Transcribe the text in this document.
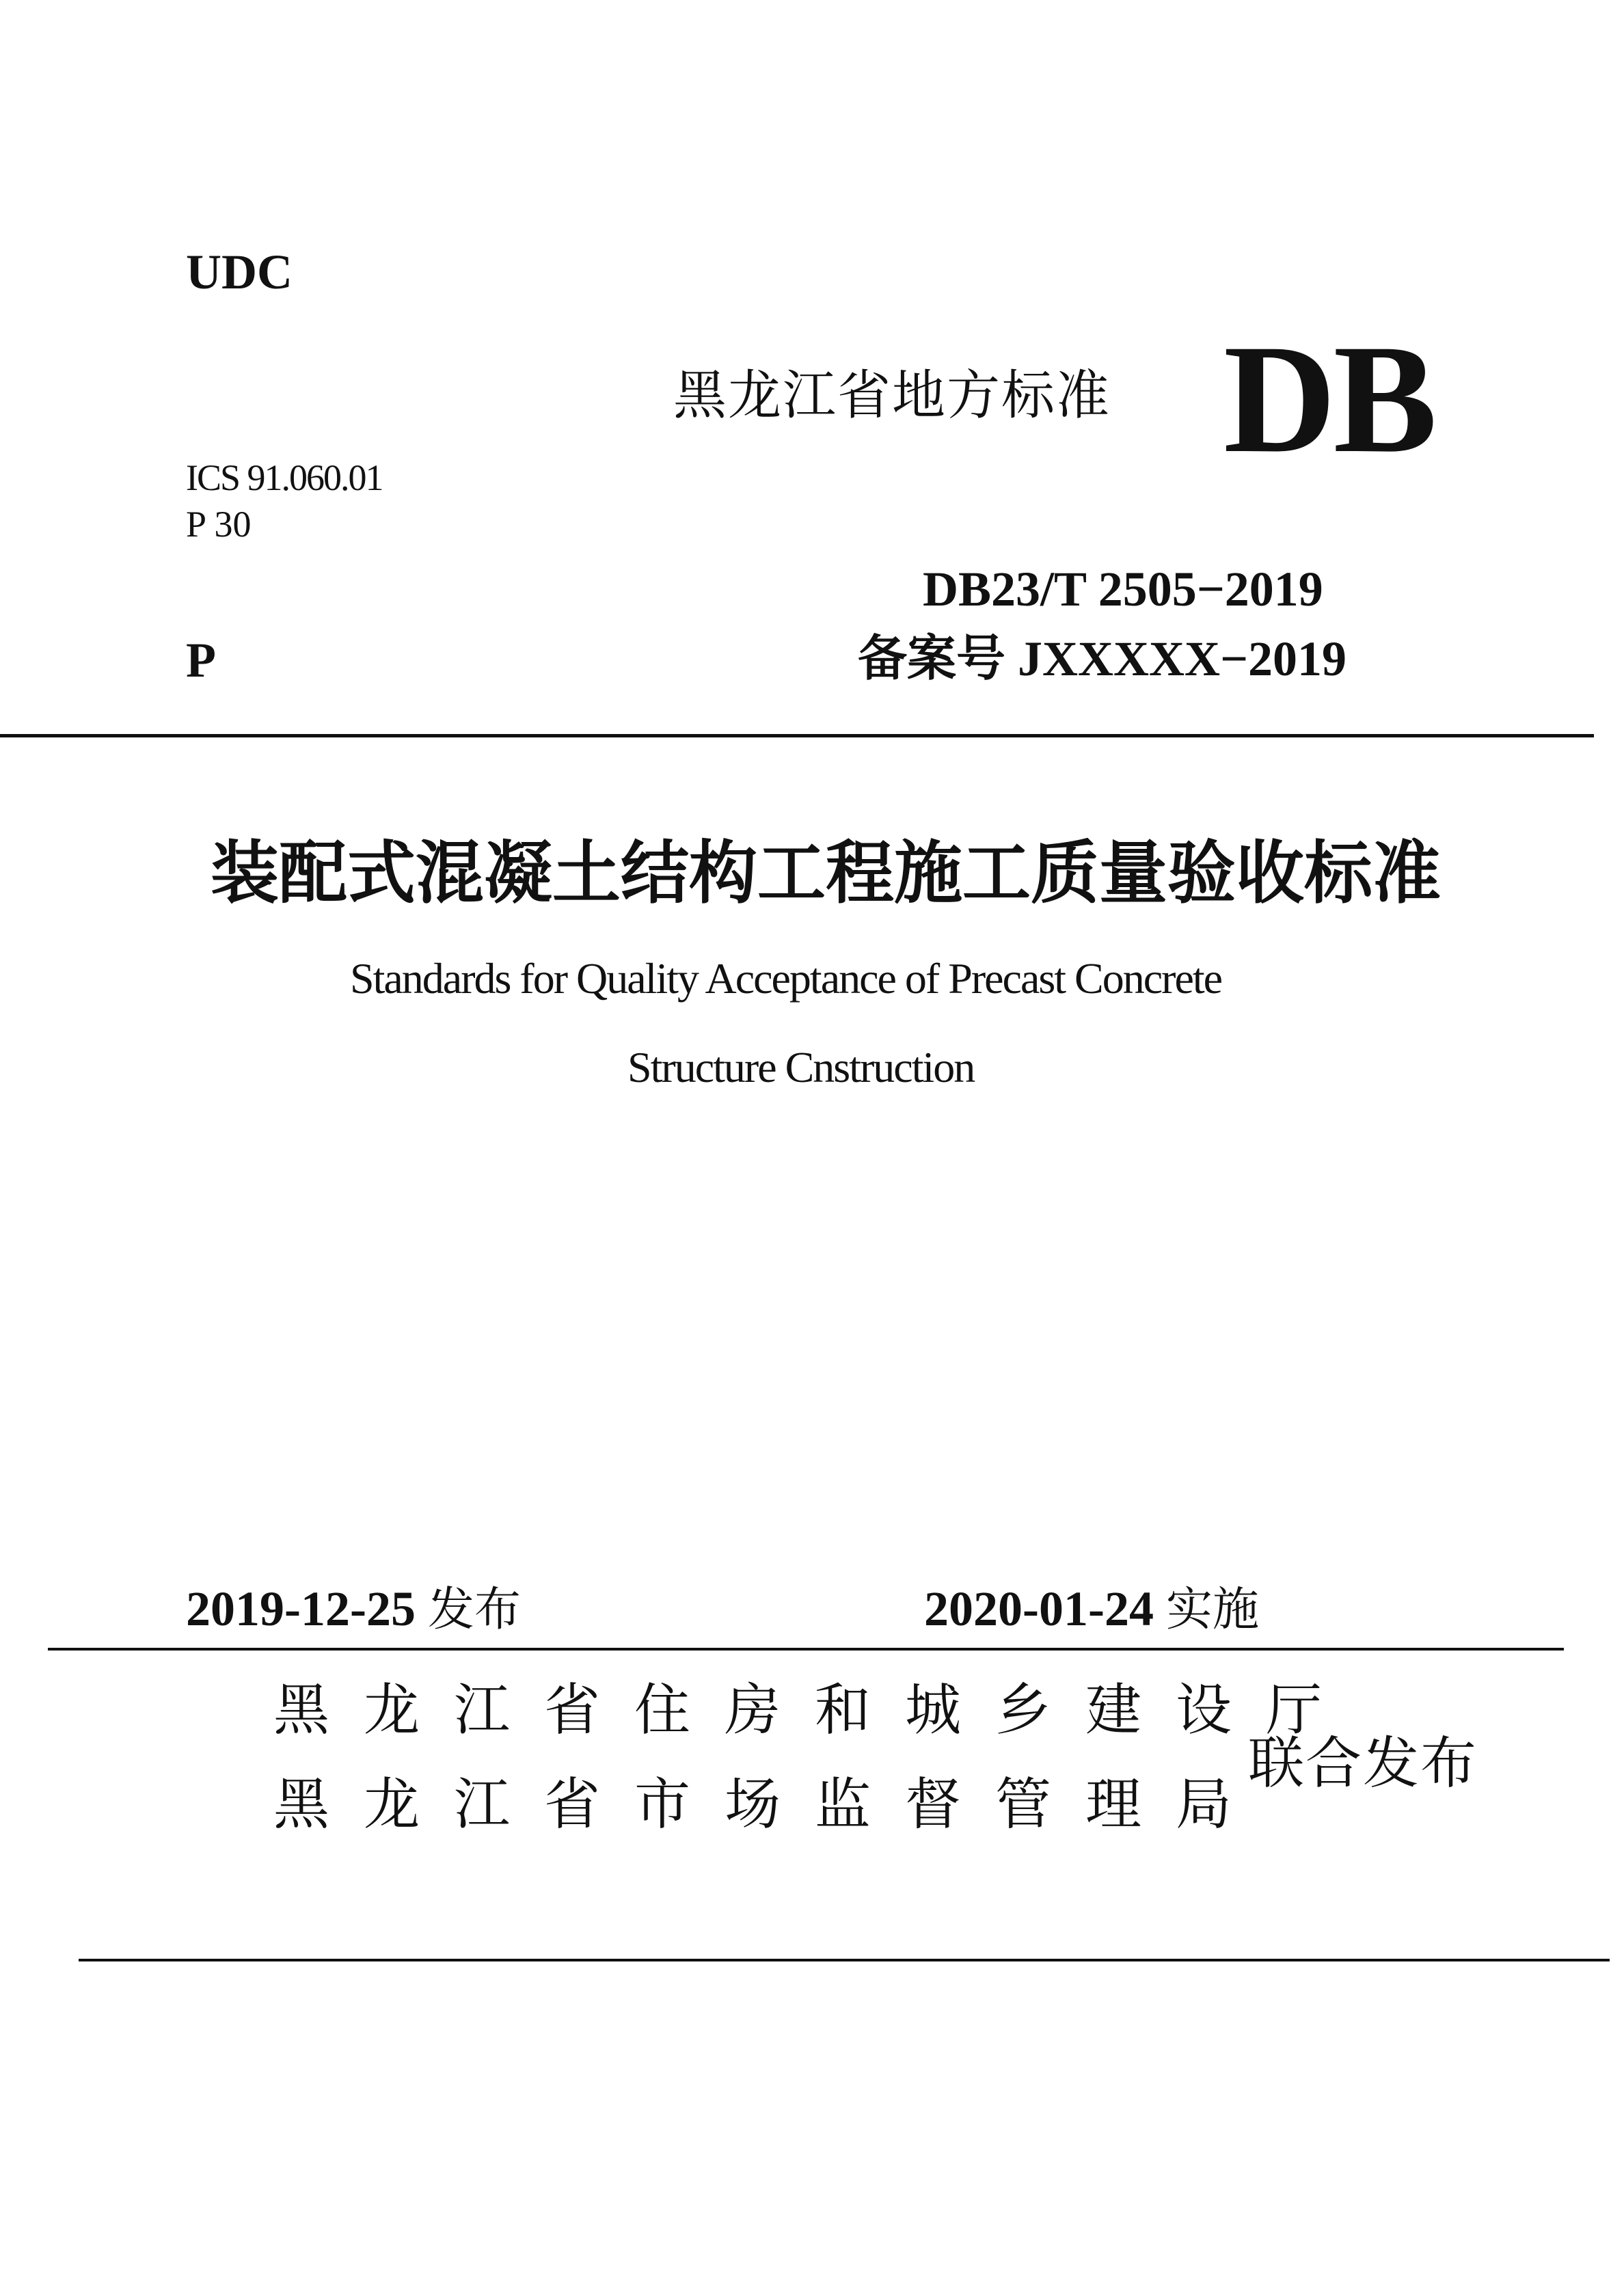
UDC
黑龙江省地方标准 DB
ICS 91.060.01
P 30
DB23/T 2505−2019
P	备案号 JXXXXX−2019
装配式混凝土结构工程施工质量验收标准
Standards for Quality Acceptance of Precast Concrete
Structure Cnstruction
2019-12-25 发布	2020-01-24 实施
黑龙江省住房和城乡建设厅
黑龙江省市场监督管理局
联合发布
